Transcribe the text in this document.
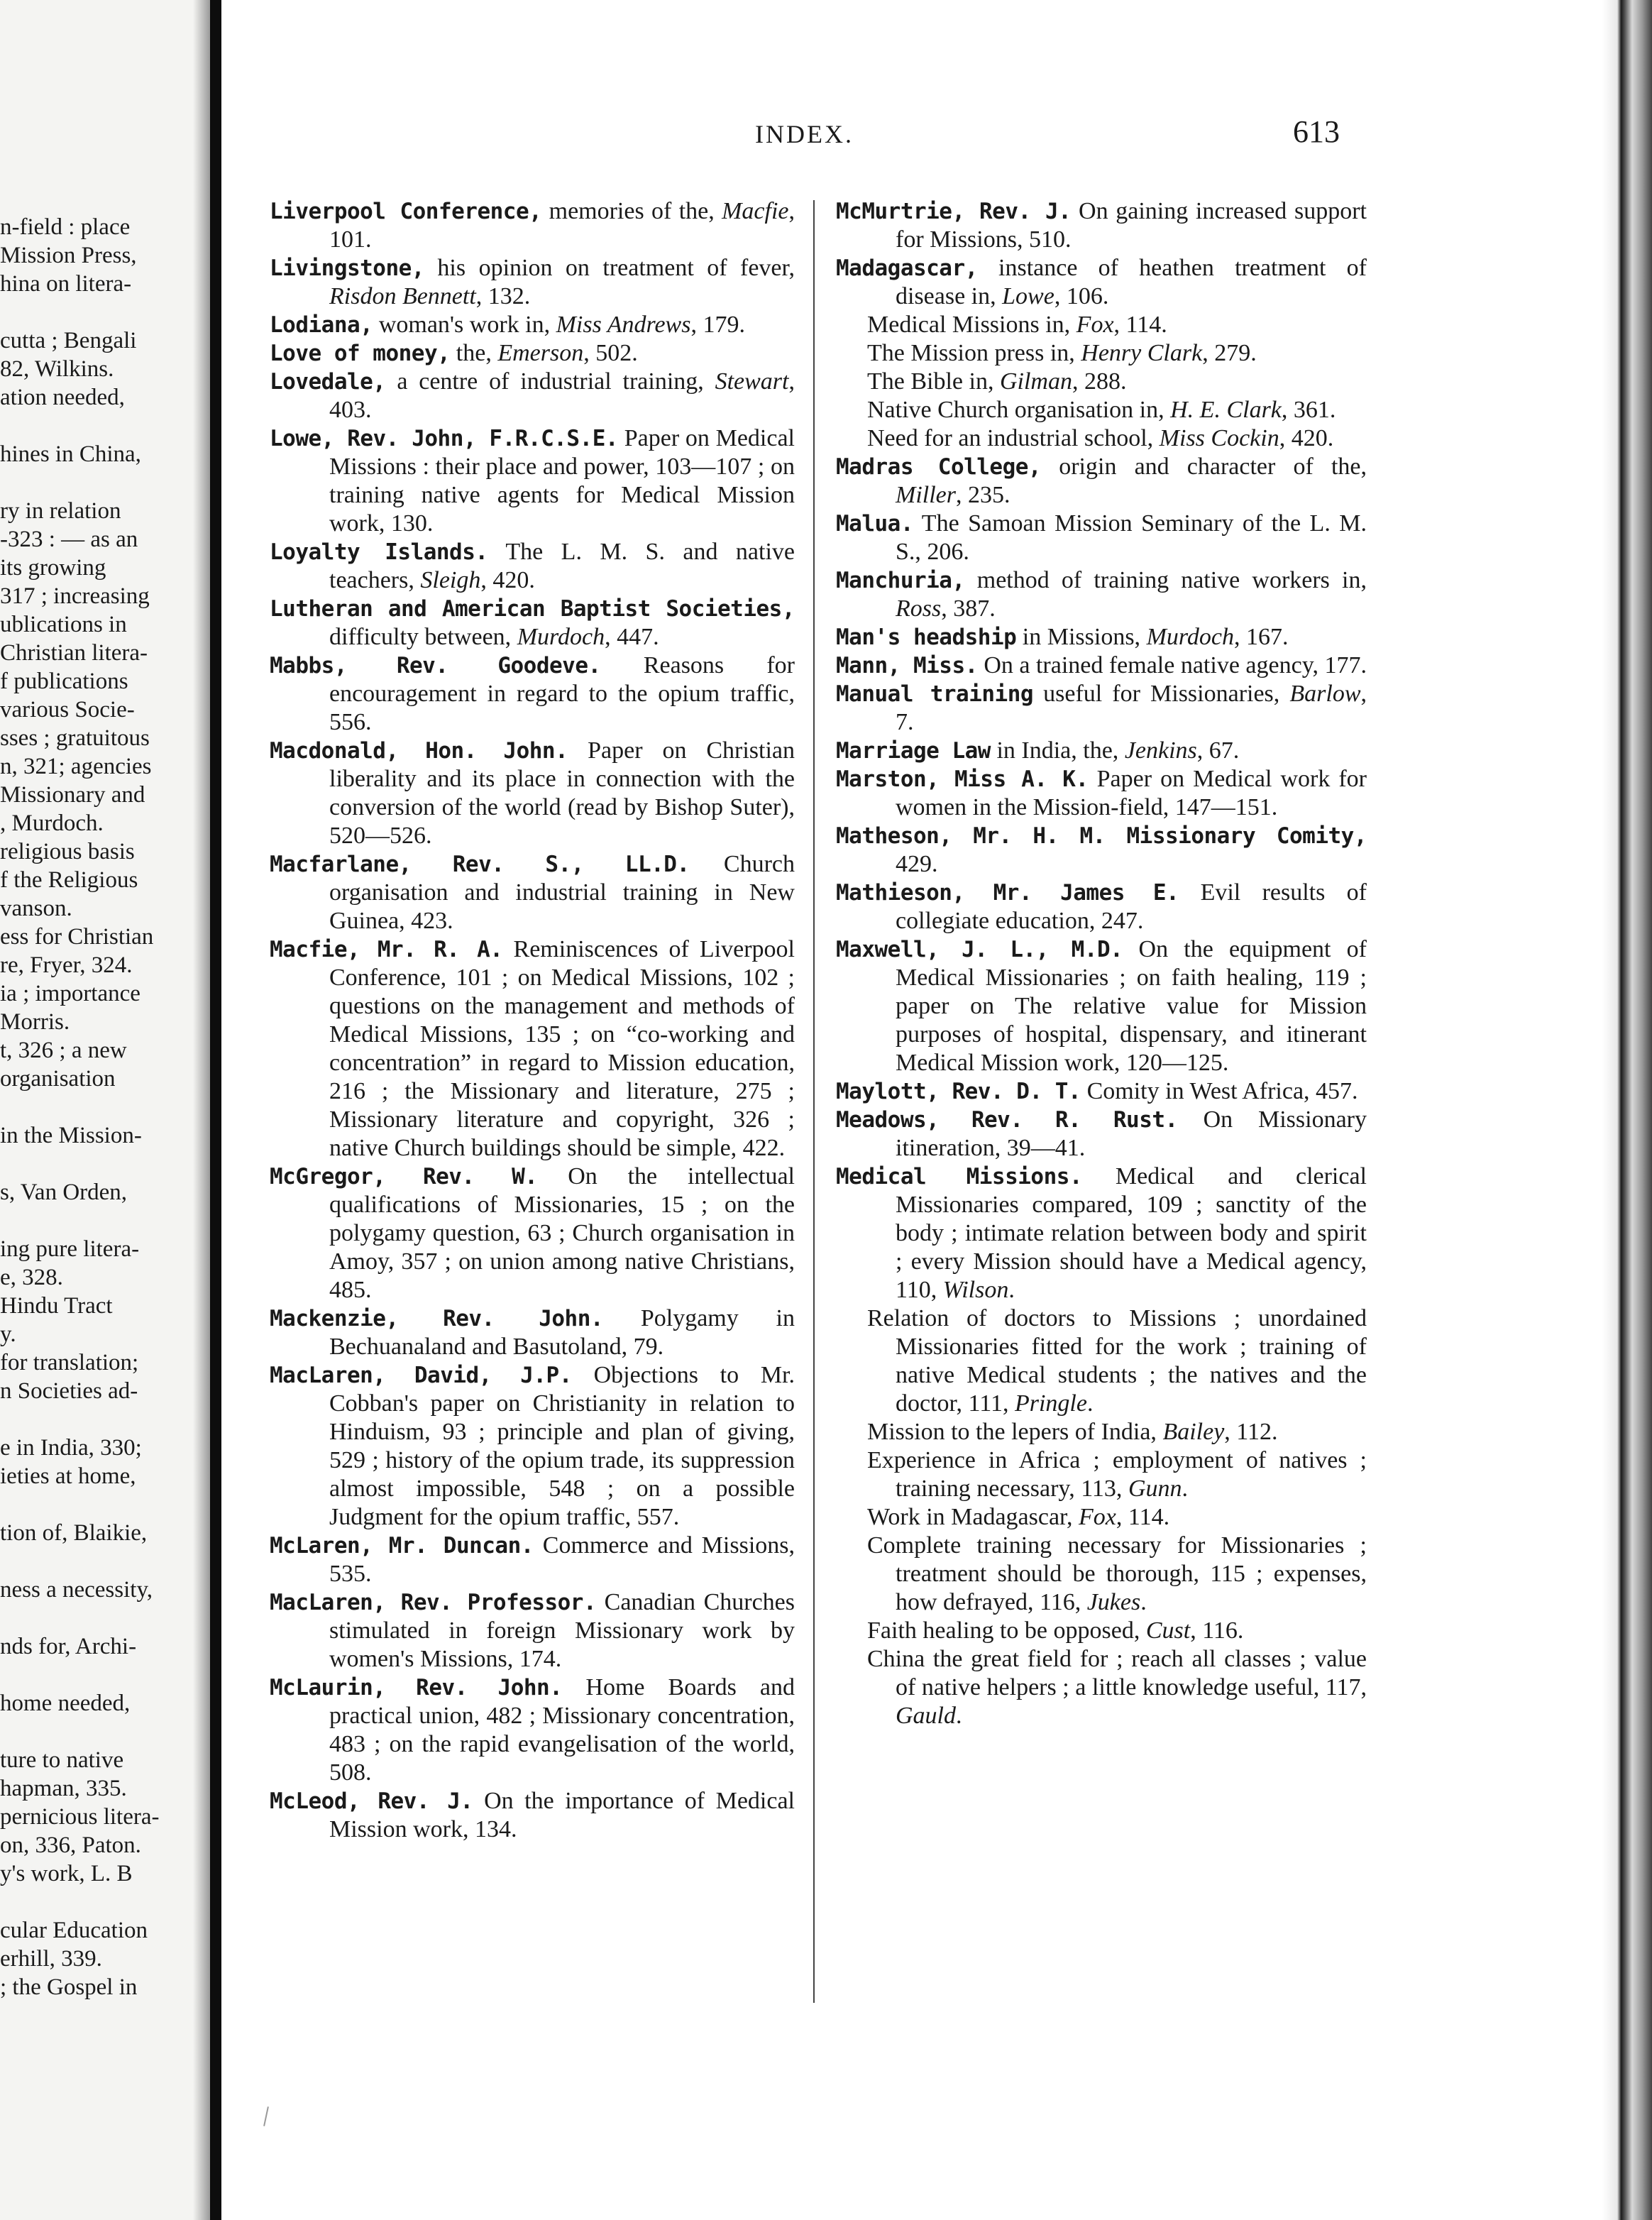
n-field : place
Mission Press,
hina on litera-
cutta ; Bengali
82, Wilkins.
ation needed,
hines in China,
ry in relation
-323 : — as an
its growing
317 ; increasing
ublications in
Christian litera-
f publications
various Socie-
sses ; gratuitous
n, 321; agencies
Missionary and
, Murdoch.
religious basis
f the Religious
vanson.
ess for Christian
re, Fryer, 324.
ia ; importance
Morris.
t, 326 ; a new
organisation
in the Mission-
s, Van Orden,
ing pure litera-
e, 328.
Hindu Tract
y.
for translation;
n Societies ad-
e in India, 330;
ieties at home,
tion of, Blaikie,
ness a necessity,
nds for, Archi-
home needed,
ture to native
hapman, 335.
pernicious litera-
on, 336, Paton.
y's work, L. B
cular Education
erhill, 339.
; the Gospel in
INDEX.	613

Liverpool Conference, memories of the, Macfie, 101.

Livingstone, his opinion on treatment of fever, Risdon Bennett, 132.

Lodiana, woman's work in, Miss Andrews, 179.

Love of money, the, Emerson, 502.

Lovedale, a centre of industrial training, Stewart, 403.

Lowe, Rev. John, F.R.C.S.E. Paper on Medical Missions : their place and power, 103—107 ; on training native agents for Medical Mission work, 130.

Loyalty Islands. The L. M. S. and native teachers, Sleigh, 420.

Lutheran and American Baptist Societies, difficulty between, Murdoch, 447.

Mabbs, Rev. Goodeve. Reasons for encouragement in regard to the opium traffic, 556.

Macdonald, Hon. John. Paper on Christian liberality and its place in connection with the conversion of the world (read by Bishop Suter), 520—526.

Macfarlane, Rev. S., LL.D. Church organisation and industrial training in New Guinea, 423.

Macfie, Mr. R. A. Reminiscences of Liverpool Conference, 101 ; on Medical Missions, 102 ; questions on the management and methods of Medical Missions, 135 ; on “co-working and concentration” in regard to Mission education, 216 ; the Missionary and literature, 275 ; Missionary literature and copyright, 326 ; native Church buildings should be simple, 422.

McGregor, Rev. W. On the intellectual qualifications of Missionaries, 15 ; on the polygamy question, 63 ; Church organisation in Amoy, 357 ; on union among native Christians, 485.

Mackenzie, Rev. John. Polygamy in Bechuanaland and Basutoland, 79.

MacLaren, David, J.P. Objections to Mr. Cobban's paper on Christianity in relation to Hinduism, 93 ; principle and plan of giving, 529 ; history of the opium trade, its suppression almost impossible, 548 ; on a possible Judgment for the opium traffic, 557.

McLaren, Mr. Duncan. Commerce and Missions, 535.

MacLaren, Rev. Professor. Canadian Churches stimulated in foreign Missionary work by women's Missions, 174.

McLaurin, Rev. John. Home Boards and practical union, 482 ; Missionary concentration, 483 ; on the rapid evangelisation of the world, 508.

McLeod, Rev. J. On the importance of Medical Mission work, 134.

McMurtrie, Rev. J. On gaining increased support for Missions, 510.

Madagascar, instance of heathen treatment of disease in, Lowe, 106.

Medical Missions in, Fox, 114.

The Mission press in, Henry Clark, 279.

The Bible in, Gilman, 288.

Native Church organisation in, H. E. Clark, 361.

Need for an industrial school, Miss Cockin, 420.

Madras College, origin and character of the, Miller, 235.

Malua. The Samoan Mission Seminary of the L. M. S., 206.

Manchuria, method of training native workers in, Ross, 387.

Man's headship in Missions, Murdoch, 167.

Mann, Miss. On a trained female native agency, 177.

Manual training useful for Missionaries, Barlow, 7.

Marriage Law in India, the, Jenkins, 67.

Marston, Miss A. K. Paper on Medical work for women in the Mission-field, 147—151.

Matheson, Mr. H. M. Missionary Comity, 429.

Mathieson, Mr. James E. Evil results of collegiate education, 247.

Maxwell, J. L., M.D. On the equipment of Medical Missionaries ; on faith healing, 119 ; paper on The relative value for Mission purposes of hospital, dispensary, and itinerant Medical Mission work, 120—125.

Maylott, Rev. D. T. Comity in West Africa, 457.

Meadows, Rev. R. Rust. On Missionary itineration, 39—41.

Medical Missions. Medical and clerical Missionaries compared, 109 ; sanctity of the body ; intimate relation between body and spirit ; every Mission should have a Medical agency, 110, Wilson.

Relation of doctors to Missions ; unordained Missionaries fitted for the work ; training of native Medical students ; the natives and the doctor, 111, Pringle.

Mission to the lepers of India, Bailey, 112.

Experience in Africa ; employment of natives ; training necessary, 113, Gunn.

Work in Madagascar, Fox, 114.

Complete training necessary for Missionaries ; treatment should be thorough, 115 ; expenses, how defrayed, 116, Jukes.

Faith healing to be opposed, Cust, 116.

China the great field for ; reach all classes ; value of native helpers ; a little knowledge useful, 117, Gauld.
